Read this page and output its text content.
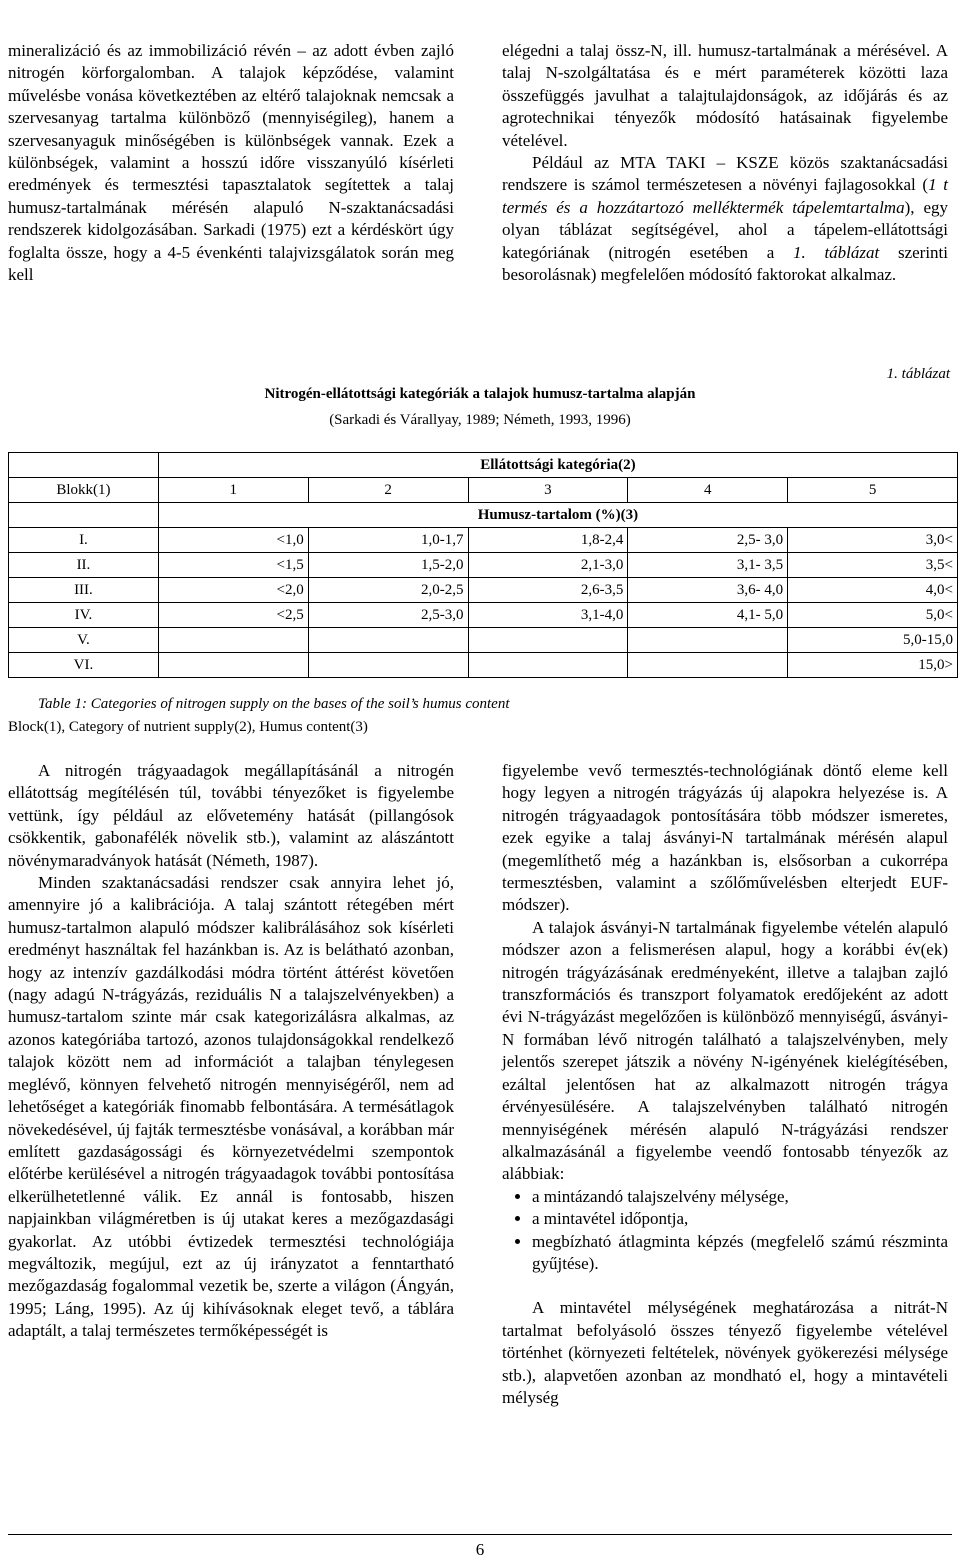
mineralizáció és az immobilizáció révén – az adott évben zajló nitrogén körforgalomban. A talajok képződése, valamint művelésbe vonása következtében az eltérő talajoknak nemcsak a szervesanyag tartalma különböző (mennyiségileg), hanem a szervesanyaguk minőségében is különbségek vannak. Ezek a különbségek, valamint a hosszú időre visszanyúló kísérleti eredmények és termesztési tapasztalatok segítettek a talaj humusz-tartalmának mérésén alapuló N-szaktanácsadási rendszerek kidolgozásában. Sarkadi (1975) ezt a kérdéskört úgy foglalta össze, hogy a 4-5 évenkénti talajvizsgálatok során meg kell

elégedni a talaj össz-N, ill. humusz-tartalmának a mérésével. A talaj N-szolgáltatása és e mért paraméterek közötti laza összefüggés javulhat a talajtulajdonságok, az időjárás és az agrotechnikai tényezők módosító hatásainak figyelembe vételével.

Például az MTA TAKI – KSZE közös szaktanácsadási rendszere is számol természetesen a növényi fajlagosokkal (1 t termés és a hozzátartozó melléktermék tápelemtartalma), egy olyan táblázat segítségével, ahol a tápelem-ellátottsági kategóriának (nitrogén esetében a 1. táblázat szerinti besorolásnak) megfelelően módosító faktorokat alkalmaz.

1. táblázat
Nitrogén-ellátottsági kategóriák a talajok humusz-tartalma alapján
(Sarkadi és Várallyay, 1989; Németh, 1993, 1996)
	Ellátottsági kategória(2)				
Blokk(1)	1	2	3	4	5
	Humusz-tartalom (%)(3)				
I.	<1,0	1,0-1,7	1,8-2,4	2,5- 3,0	3,0<
II.	<1,5	1,5-2,0	2,1-3,0	3,1- 3,5	3,5<
III.	<2,0	2,0-2,5	2,6-3,5	3,6- 4,0	4,0<
IV.	<2,5	2,5-3,0	3,1-4,0	4,1- 5,0	5,0<
V.					5,0-15,0
VI.					15,0>
Table 1: Categories of nitrogen supply on the bases of the soil’s humus content
Block(1), Category of nutrient supply(2), Humus content(3)

A nitrogén trágyaadagok megállapításánál a nitrogén ellátottság megítélésén túl, további tényezőket is figyelembe vettünk, így például az elővetemény hatását (pillangósok csökkentik, gabonafélék növelik stb.), valamint az alászántott növénymaradványok hatását (Németh, 1987).

Minden szaktanácsadási rendszer csak annyira lehet jó, amennyire jó a kalibrációja. A talaj szántott rétegében mért humusz-tartalmon alapuló módszer kalibrálásához sok kísérleti eredményt használtak fel hazánkban is. Az is belátható azonban, hogy az intenzív gazdálkodási módra történt áttérést követően (nagy adagú N-trágyázás, reziduális N a talajszelvényekben) a humusz-tartalom szinte már csak kategorizálásra alkalmas, az azonos kategóriába tartozó, azonos tulajdonságokkal rendelkező talajok között nem ad információt a talajban ténylegesen meglévő, könnyen felvehető nitrogén mennyiségéről, nem ad lehetőséget a kategóriák finomabb felbontására. A termésátlagok növekedésével, új fajták termesztésbe vonásával, a korábban már említett gazdaságossági és környezetvédelmi szempontok előtérbe kerülésével a nitrogén trágyaadagok további pontosítása elkerülhetetlenné válik. Ez annál is fontosabb, hiszen napjainkban világméretben is új utakat keres a mezőgazdasági gyakorlat. Az utóbbi évtizedek termesztési technológiája megváltozik, megújul, ezt az új irányzatot a fenntartható mezőgazdaság fogalommal vezetik be, szerte a világon (Ángyán, 1995; Láng, 1995). Az új kihívásoknak eleget tevő, a táblára adaptált, a talaj természetes termőképességét is

figyelembe vevő termesztés-technológiának döntő eleme kell hogy legyen a nitrogén trágyázás új alapokra helyezése is. A nitrogén trágyaadagok pontosítására több módszer ismeretes, ezek egyike a talaj ásványi-N tartalmának mérésén alapul (megemlíthető még a hazánkban is, elsősorban a cukorrépa termesztésben, valamint a szőlőművelésben elterjedt EUF-módszer).

A talajok ásványi-N tartalmának figyelembe vételén alapuló módszer azon a felismerésen alapul, hogy a korábbi év(ek) nitrogén trágyázásának eredményeként, illetve a talajban zajló transzformációs és transzport folyamatok eredőjeként az adott évi N-trágyázást megelőzően is különböző mennyiségű, ásványi-N formában lévő nitrogén található a talajszelvényben, mely jelentős szerepet játszik a növény N-igényének kielégítésében, ezáltal jelentősen hat az alkalmazott nitrogén trágya érvényesülésére. A talajszelvényben található nitrogén mennyiségének mérésén alapuló N-trágyázási rendszer alkalmazásánál a figyelembe veendő fontosabb tényezők az alábbiak:

• a mintázandó talajszelvény mélysége,
• a mintavétel időpontja,
• megbízható átlagminta képzés (megfelelő számú részminta gyűjtése).

A mintavétel mélységének meghatározása a nitrát-N tartalmat befolyásoló összes tényező figyelembe vételével történhet (környezeti feltételek, növények gyökerezési mélysége stb.), alapvetően azonban az mondható el, hogy a mintavételi mélység

6
